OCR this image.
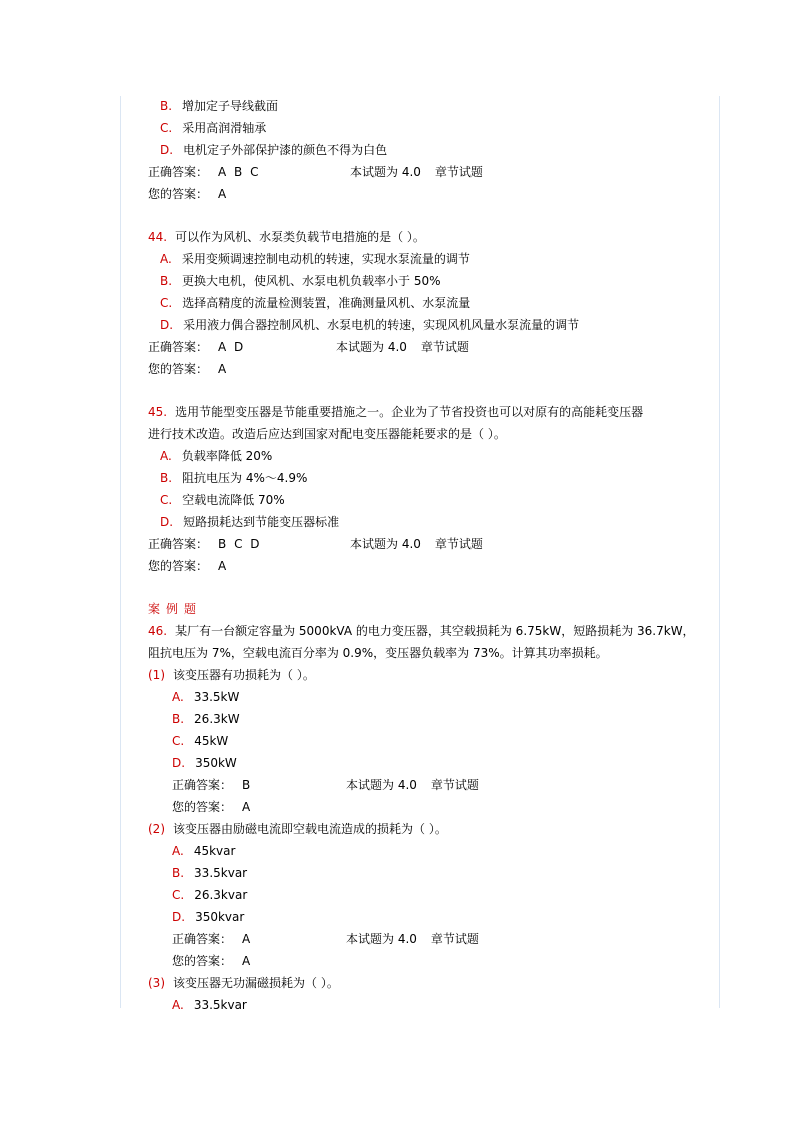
B. 增加定子导线截面
C. 采用高润滑轴承
D. 电机定子外部保护漆的颜色不得为白色
正确答案： A B C	本试题为 4.0 章节试题
您的答案： A
44. 可以作为风机、水泵类负载节电措施的是（ ）。
A. 采用变频调速控制电动机的转速，实现水泵流量的调节
B. 更换大电机，使风机、水泵电机负载率小于 50%
C. 选择高精度的流量检测装置，准确测量风机、水泵流量
D. 采用液力偶合器控制风机、水泵电机的转速，实现风机风量水泵流量的调节
正确答案： A D	本试题为 4.0 章节试题
您的答案： A
45. 选用节能型变压器是节能重要措施之一。企业为了节省投资也可以对原有的高能耗变压器
进行技术改造。改造后应达到国家对配电变压器能耗要求的是（ ）。
A. 负载率降低 20%
B. 阻抗电压为 4%～4.9%
C. 空载电流降低 70%
D. 短路损耗达到节能变压器标准
正确答案： B C D	本试题为 4.0 章节试题
您的答案： A
案例题
46. 某厂有一台额定容量为 5000kVA 的电力变压器，其空载损耗为 6.75kW，短路损耗为 36.7kW，
阻抗电压为 7%，空载电流百分率为 0.9%，变压器负载率为 73%。计算其功率损耗。
(1) 该变压器有功损耗为（ ）。
A. 33.5kW
B. 26.3kW
C. 45kW
D. 350kW
正确答案： B	本试题为 4.0 章节试题
您的答案： A
(2) 该变压器由励磁电流即空载电流造成的损耗为（ ）。
A. 45kvar
B. 33.5kvar
C. 26.3kvar
D. 350kvar
正确答案： A	本试题为 4.0 章节试题
您的答案： A
(3) 该变压器无功漏磁损耗为（ ）。
A. 33.5kvar
